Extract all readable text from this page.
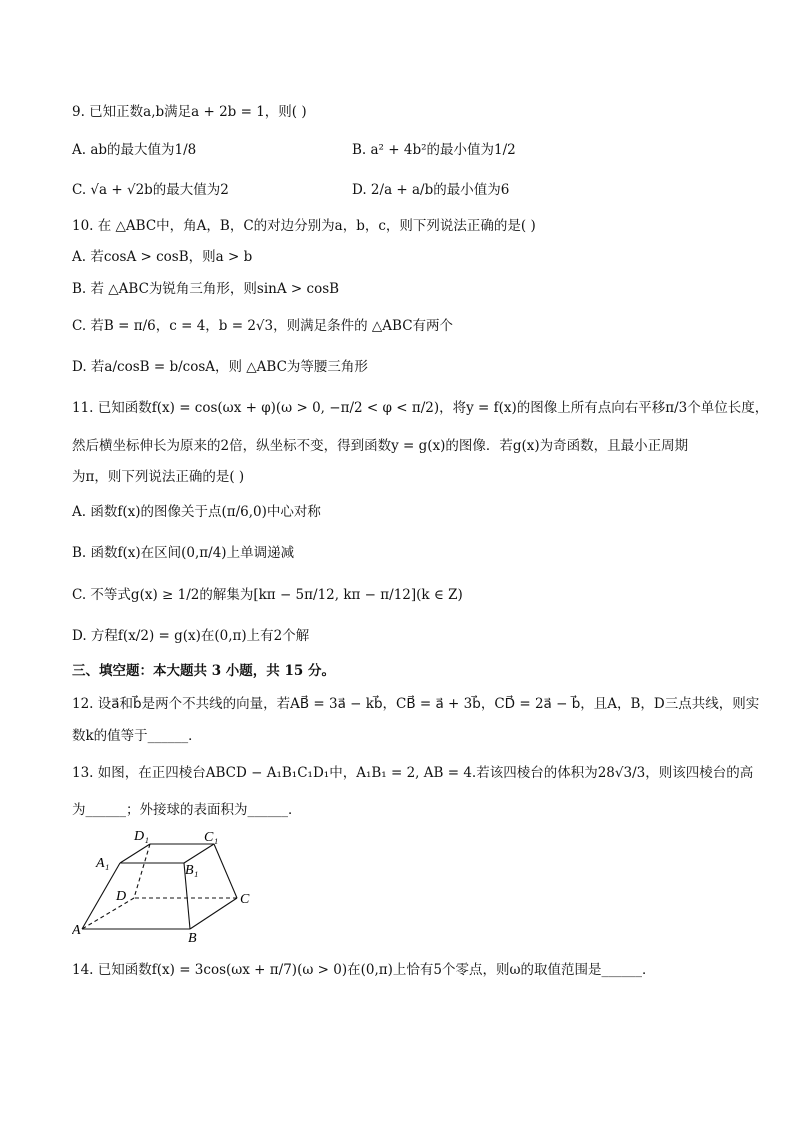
9. 已知正数a,b满足a + 2b = 1，则( )
A. ab的最大值为1/8	B. a² + 4b²的最小值为1/2
C. √a + √2b的最大值为2	D. 2/a + a/b的最小值为6
10. 在 △ABC中，角A，B，C的对边分别为a，b，c，则下列说法正确的是( )
A. 若cosA > cosB，则a > b
B. 若 △ABC为锐角三角形，则sinA > cosB
C. 若B = π/6，c = 4，b = 2√3，则满足条件的 △ABC有两个
D. 若a/cosB = b/cosA，则 △ABC为等腰三角形
11. 已知函数f(x) = cos(ωx + φ)(ω > 0, −π/2 < φ < π/2)，将y = f(x)的图像上所有点向右平移π/3个单位长度，
然后横坐标伸长为原来的2倍，纵坐标不变，得到函数y = g(x)的图像．若g(x)为奇函数，且最小正周期
为π，则下列说法正确的是( )
A. 函数f(x)的图像关于点(π/6,0)中心对称
B. 函数f(x)在区间(0,π/4)上单调递减
C. 不等式g(x) ≥ 1/2的解集为[kπ − 5π/12, kπ − π/12](k ∈ Z)
D. 方程f(x/2) = g(x)在(0,π)上有2个解
三、填空题：本大题共 3 小题，共 15 分。
12. 设a⃗和b⃗是两个不共线的向量，若AB⃗ = 3a⃗ − kb⃗，CB⃗ = a⃗ + 3b⃗，CD⃗ = 2a⃗ − b⃗，且A，B，D三点共线，则实
数k的值等于______．
13. 如图，在正四棱台ABCD − A₁B₁C₁D₁中，A₁B₁ = 2, AB = 4.若该四棱台的体积为28√3/3，则该四棱台的高
为______；外接球的表面积为______．
A₁
D₁	C₁
B₁
D	C
A
B
14. 已知函数f(x) = 3cos(ωx + π/7)(ω > 0)在(0,π)上恰有5个零点，则ω的取值范围是______．
